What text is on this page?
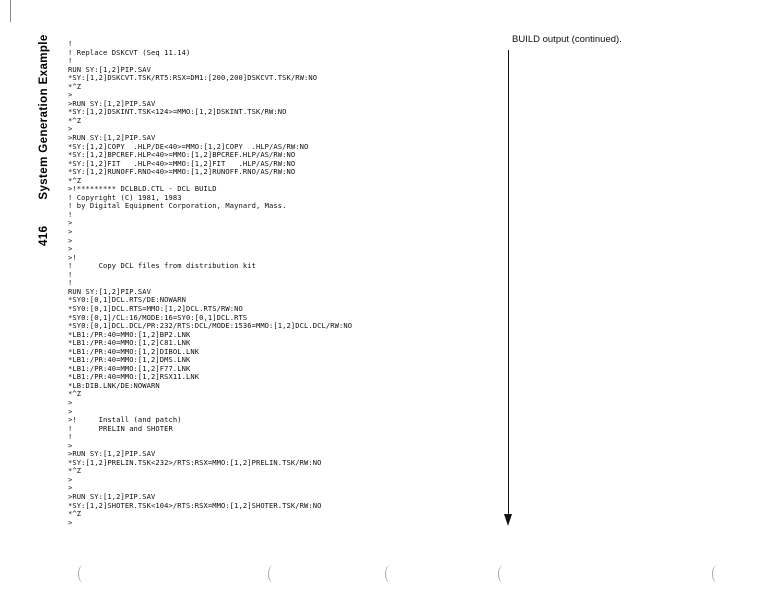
416System Generation Example	!
! Replace DSKCVT (Seq 11.14)
!
RUN SY:[1,2]PIP.SAV
*SY:[1,2]DSKCVT.TSK/RT5:RSX=DM1:[200,200]DSKCVT.TSK/RW:NO
*^Z
>
>RUN SY:[1,2]PIP.SAV
*SY:[1,2]DSKINT.TSK<124>=MMO:[1,2]DSKINT.TSK/RW:NO
*^Z
>
>RUN SY:[1,2]PIP.SAV
*SY:[1,2]COPY  .HLP/DE<40>=MMO:[1,2]COPY  .HLP/AS/RW:NO
*SY:[1,2]BPCREF.HLP<40>=MMO:[1,2]BPCREF.HLP/AS/RW:NO
*SY:[1,2]FIT   .HLP<40>=MMO:[1,2]FIT   .HLP/AS/RW:NO
*SY:[1,2]RUNOFF.RNO<40>=MMO:[1,2]RUNOFF.RNO/AS/RW:NO
*^Z
>!********* DCLBLD.CTL - DCL BUILD
! Copyright (C) 1981, 1983
! by Digital Equipment Corporation, Maynard, Mass.
!
>
>
>
>
>!
!      Copy DCL files from distribution kit
!
!
RUN SY:[1,2]PIP.SAV
*SY0:[0,1]DCL.RTS/DE:NOWARN
*SY0:[0,1]DCL.RTS=MMO:[1,2]DCL.RTS/RW:NO
*SY0:[0,1]/CL:16/MODE:16=SY0:[0,1]DCL.RTS
*SY0:[0,1]DCL.DCL/PR:232/RTS:DCL/MODE:1536=MMO:[1,2]DCL.DCL/RW:NO
*LB1:/PR:40=MMO:[1,2]BP2.LNK
*LB1:/PR:40=MMO:[1,2]C81.LNK
*LB1:/PR:40=MMO:[1,2]DIBOL.LNK
*LB1:/PR:40=MMO:[1,2]DMS.LNK
*LB1:/PR:40=MMO:[1,2]F77.LNK
*LB1:/PR:40=MMO:[1,2]RSX11.LNK
*LB:DIB.LNK/DE:NOWARN
*^Z
>
>
>!     Install (and patch)
!      PRELIN and SHOTER
!
>
>RUN SY:[1,2]PIP.SAV
*SY:[1,2]PRELIN.TSK<232>/RTS:RSX=MMO:[1,2]PRELIN.TSK/RW:NO
*^Z
>
>
>RUN SY:[1,2]PIP.SAV
*SY:[1,2]SHOTER.TSK<104>/RTS:RSX=MMO:[1,2]SHOTER.TSK/RW:NO
*^Z
>
BUILD output (continued).
